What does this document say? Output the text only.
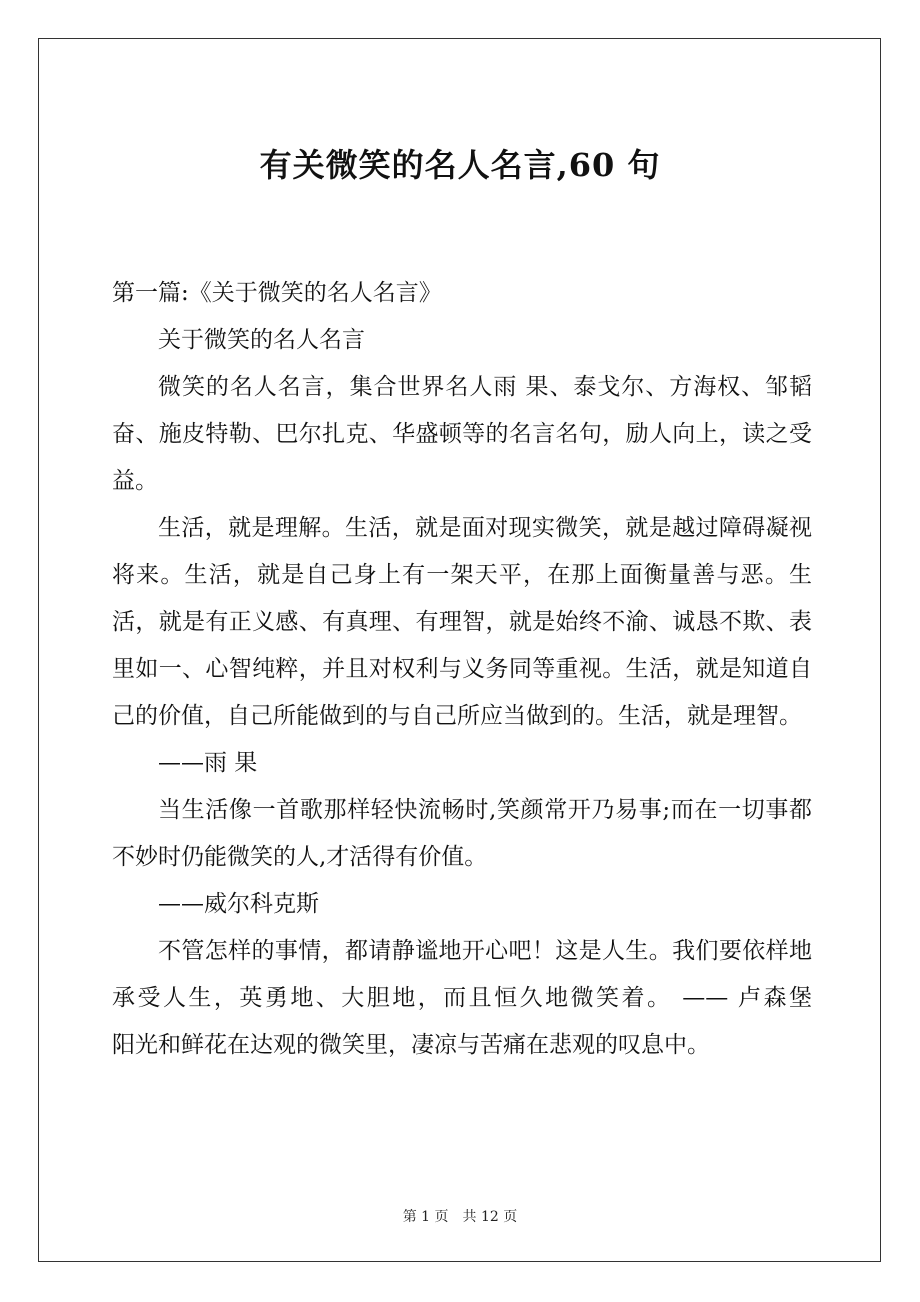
有关微笑的名人名言,60 句

第一篇:《关于微笑的名人名言》

关于微笑的名人名言

微笑的名人名言，集合世界名人雨 果、泰戈尔、方海权、邹韬奋、施皮特勒、巴尔扎克、华盛顿等的名言名句，励人向上，读之受益。

生活，就是理解。生活，就是面对现实微笑，就是越过障碍凝视将来。生活，就是自己身上有一架天平，在那上面衡量善与恶。生活，就是有正义感、有真理、有理智，就是始终不渝、诚恳不欺、表里如一、心智纯粹，并且对权利与义务同等重视。生活，就是知道自己的价值，自己所能做到的与自己所应当做到的。生活，就是理智。

——雨 果

当生活像一首歌那样轻快流畅时,笑颜常开乃易事;而在一切事都不妙时仍能微笑的人,才活得有价值。

——威尔科克斯

不管怎样的事情，都请静谧地开心吧！这是人生。我们要依样地承受人生，英勇地、大胆地，而且恒久地微笑着。 —— 卢森堡　　阳光和鲜花在达观的微笑里，凄凉与苦痛在悲观的叹息中。

第 1 页　共 12 页
